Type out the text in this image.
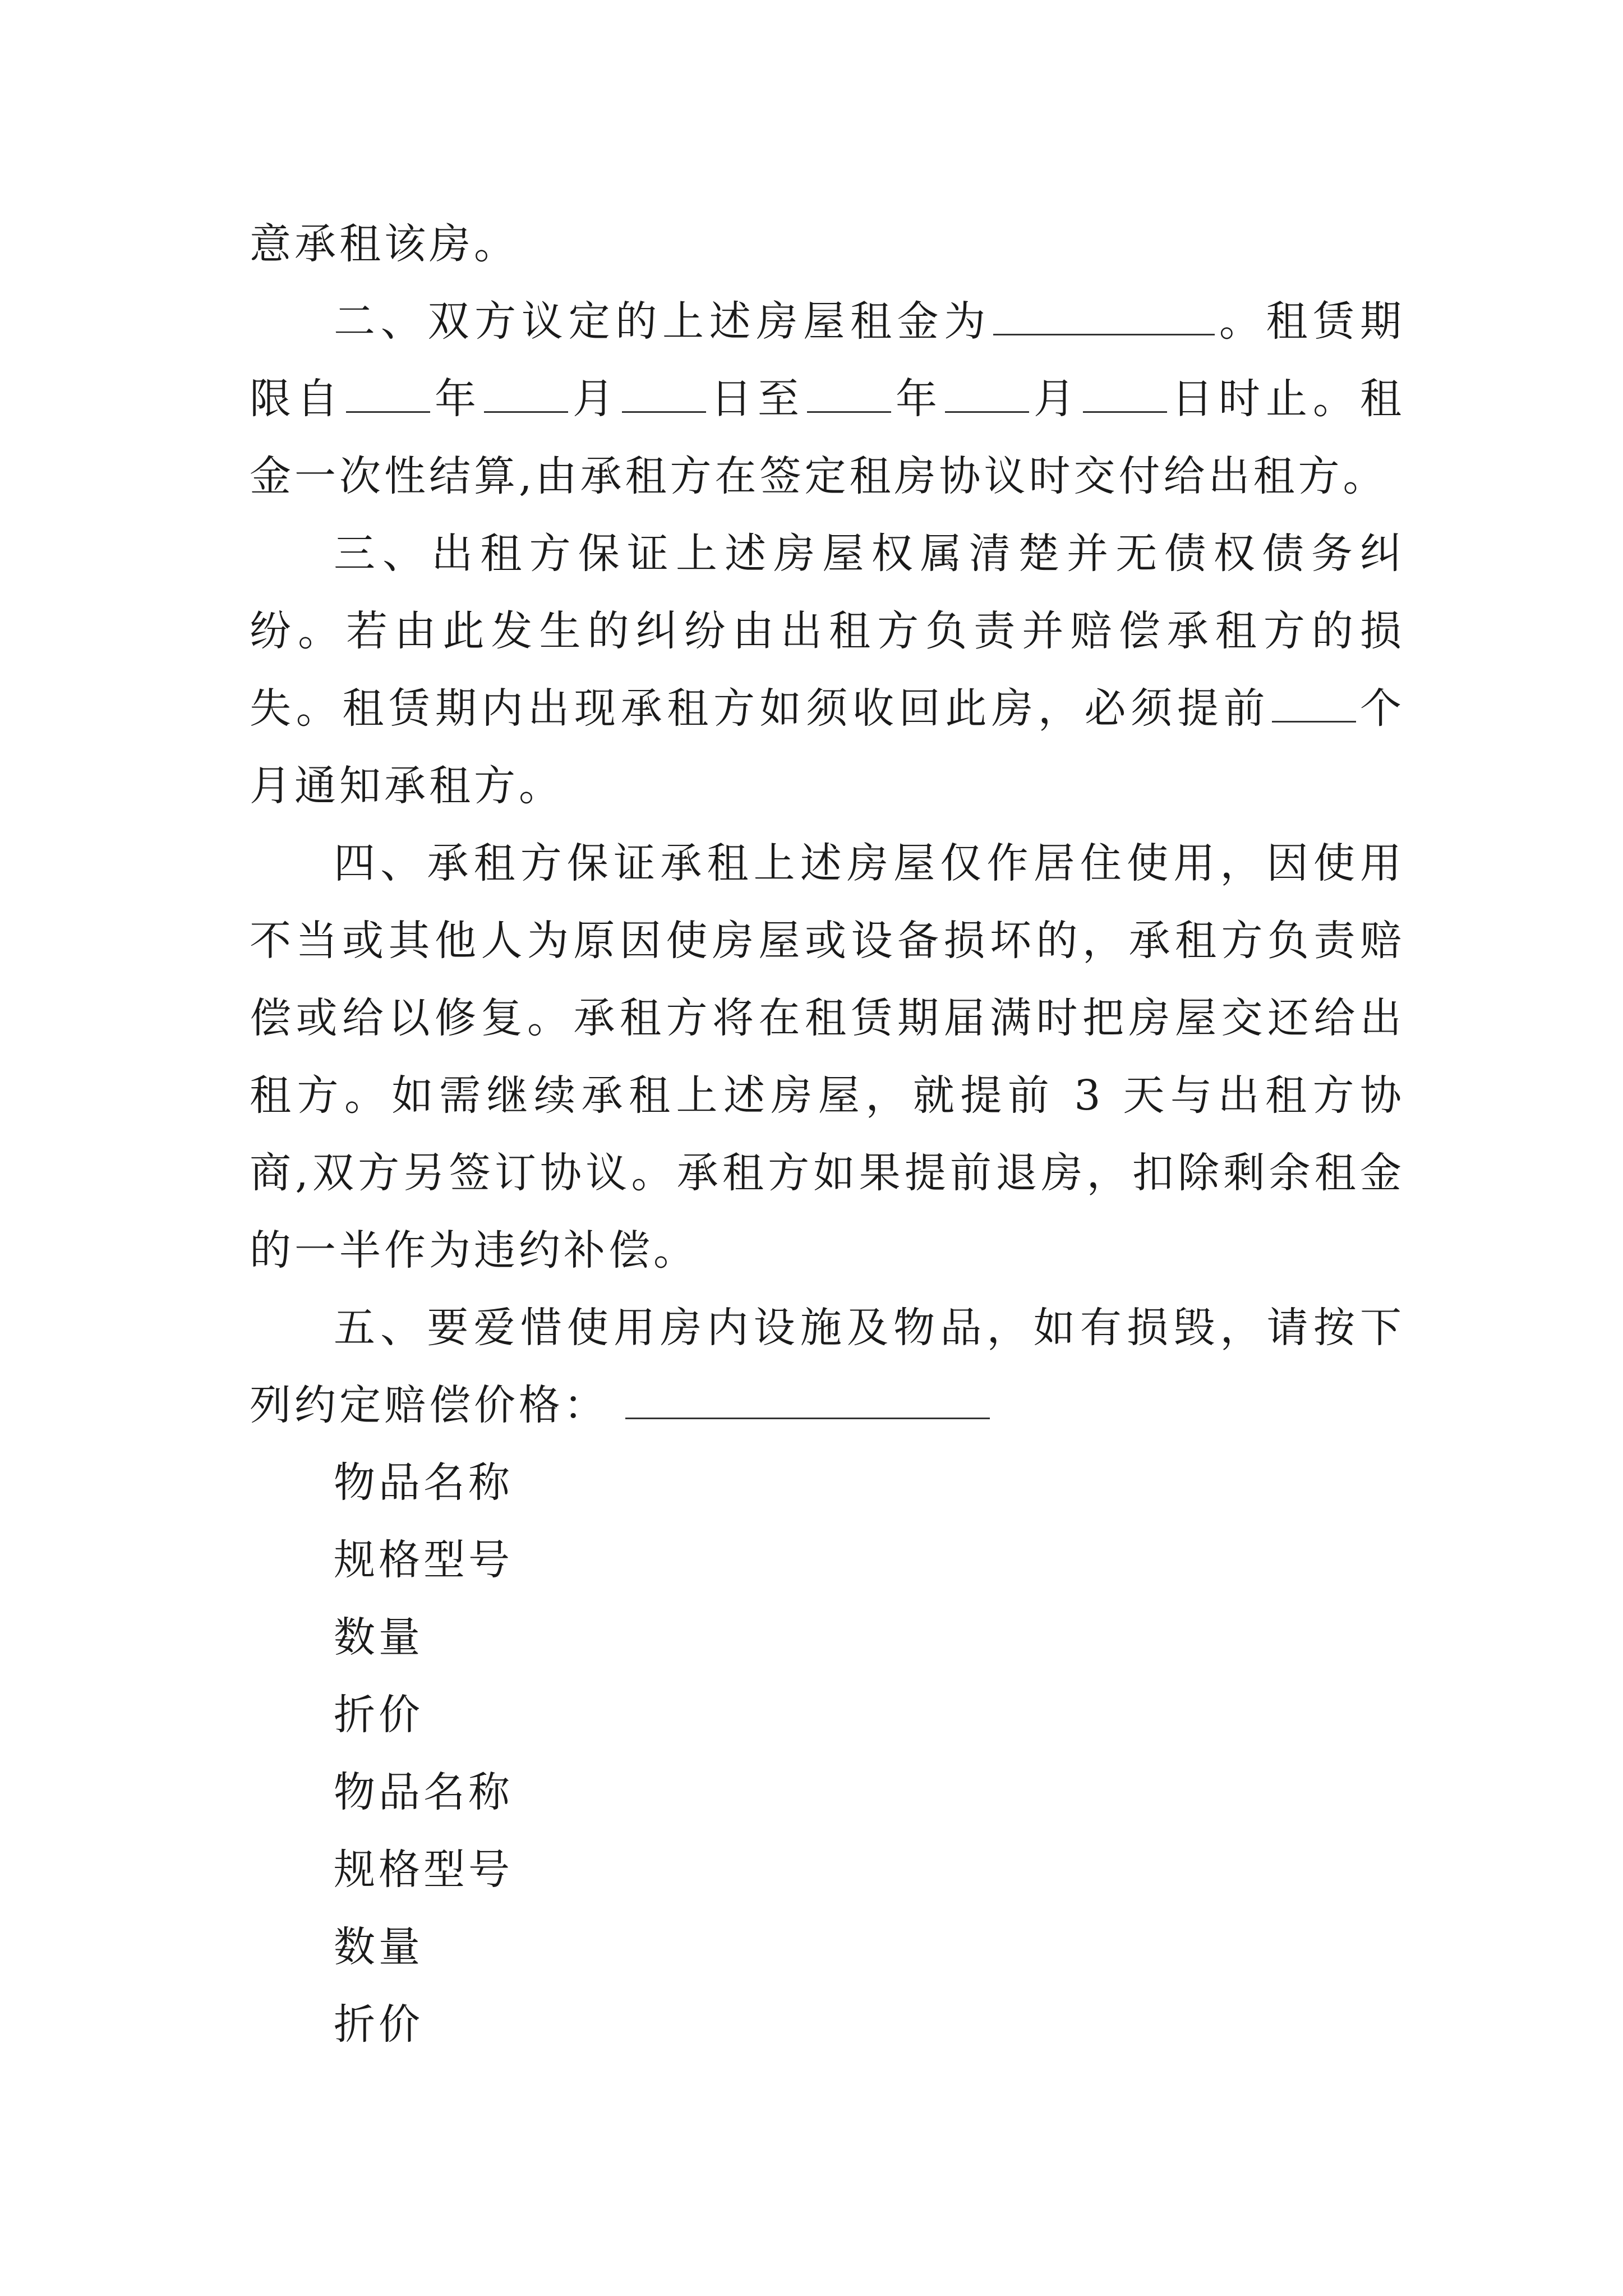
意承租该房。

二、双方议定的上述房屋租金为	。租赁期限自 年 月 日至 年 月 日时止。租金一次性结算,由承租方在签定租房协议时交付给出租方。

三、出租方保证上述房屋权属清楚并无债权债务纠纷。若由此发生的纠纷由出租方负责并赔偿承租方的损失。租赁期内出现承租方如须收回此房，必须提前 个月通知承租方。

四、承租方保证承租上述房屋仅作居住使用，因使用不当或其他人为原因使房屋或设备损坏的，承租方负责赔偿或给以修复。承租方将在租赁期届满时把房屋交还给出租方。如需继续承租上述房屋，就提前 3 天与出租方协商,双方另签订协议。承租方如果提前退房，扣除剩余租金的一半作为违约补偿。

五、要爱惜使用房内设施及物品，如有损毁，请按下列约定赔偿价格：

物品名称

规格型号

数量

折价

物品名称

规格型号

数量

折价
